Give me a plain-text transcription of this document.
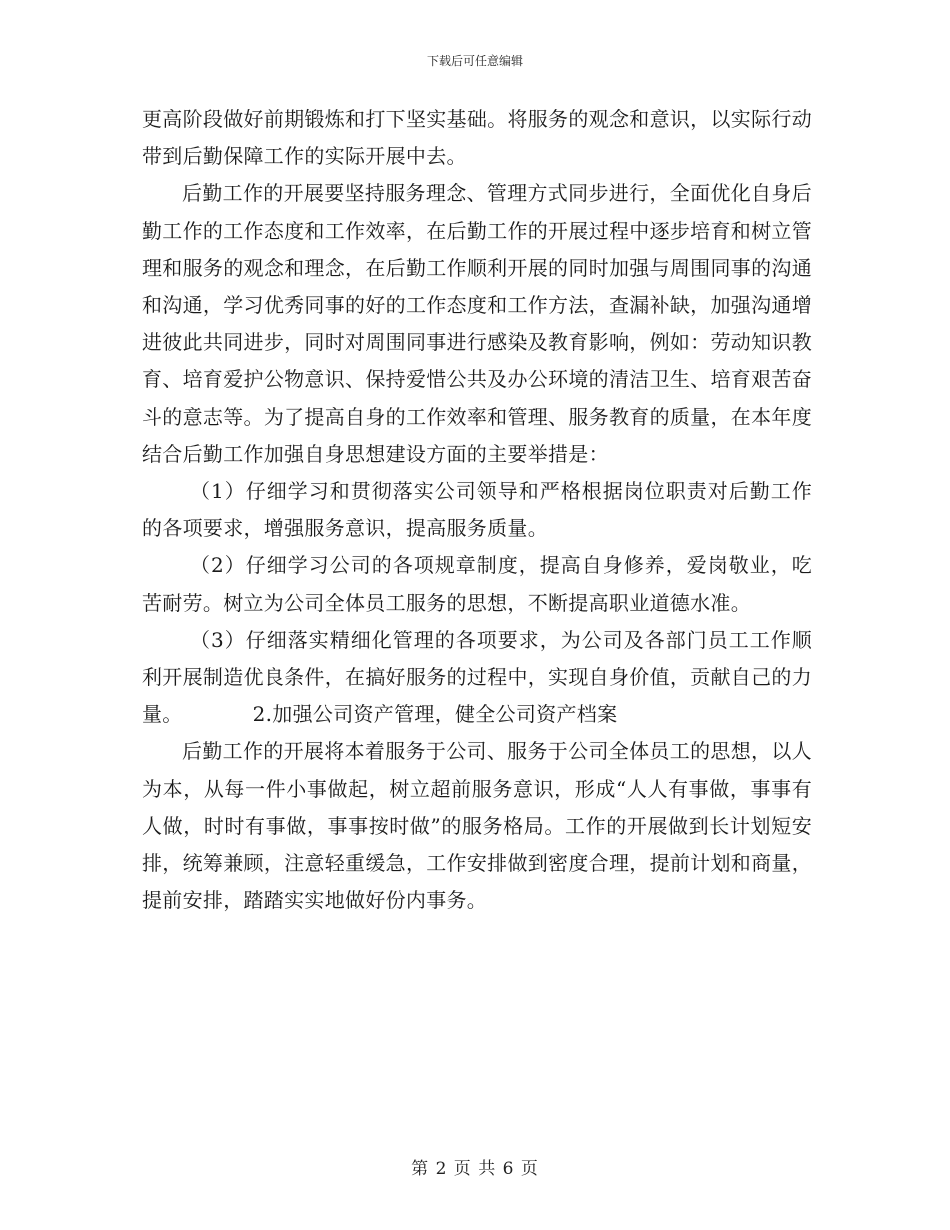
下载后可任意编辑

更高阶段做好前期锻炼和打下坚实基础。将服务的观念和意识，以实际行动带到后勤保障工作的实际开展中去。

后勤工作的开展要坚持服务理念、管理方式同步进行，全面优化自身后勤工作的工作态度和工作效率，在后勤工作的开展过程中逐步培育和树立管理和服务的观念和理念，在后勤工作顺利开展的同时加强与周围同事的沟通和沟通，学习优秀同事的好的工作态度和工作方法，查漏补缺，加强沟通增进彼此共同进步，同时对周围同事进行感染及教育影响，例如：劳动知识教育、培育爱护公物意识、保持爱惜公共及办公环境的清洁卫生、培育艰苦奋斗的意志等。为了提高自身的工作效率和管理、服务教育的质量，在本年度结合后勤工作加强自身思想建设方面的主要举措是：

（1）仔细学习和贯彻落实公司领导和严格根据岗位职责对后勤工作的各项要求，增强服务意识，提高服务质量。

（2）仔细学习公司的各项规章制度，提高自身修养，爱岗敬业，吃苦耐劳。树立为公司全体员工服务的思想，不断提高职业道德水准。

（3）仔细落实精细化管理的各项要求，为公司及各部门员工工作顺利开展制造优良条件，在搞好服务的过程中，实现自身价值，贡献自己的力量。	2.加强公司资产管理，健全公司资产档案

后勤工作的开展将本着服务于公司、服务于公司全体员工的思想，以人为本，从每一件小事做起，树立超前服务意识，形成“人人有事做，事事有人做，时时有事做，事事按时做”的服务格局。工作的开展做到长计划短安排，统筹兼顾，注意轻重缓急，工作安排做到密度合理，提前计划和商量，提前安排，踏踏实实地做好份内事务。

第 2 页 共 6 页
